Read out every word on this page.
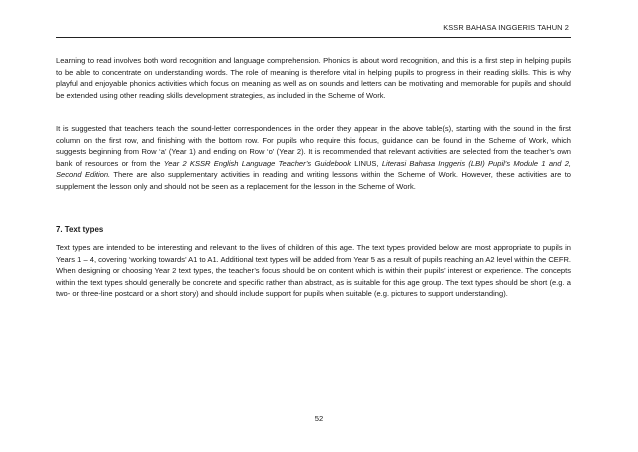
KSSR BAHASA INGGERIS TAHUN 2

Learning to read involves both word recognition and language comprehension. Phonics is about word recognition, and this is a first step in helping pupils to be able to concentrate on understanding words. The role of meaning is therefore vital in helping pupils to progress in their reading skills. This is why playful and enjoyable phonics activities which focus on meaning as well as on sounds and letters can be motivating and memorable for pupils and should be extended using other reading skills development strategies, as included in the Scheme of Work.

It is suggested that teachers teach the sound-letter correspondences in the order they appear in the above table(s), starting with the sound in the first column on the first row, and finishing with the bottom row. For pupils who require this focus, guidance can be found in the Scheme of Work, which suggests beginning from Row ‘a’ (Year 1) and ending on Row ‘o’ (Year 2). It is recommended that relevant activities are selected from the teacher’s own bank of resources or from the Year 2 KSSR English Language Teacher’s Guidebook LINUS, Literasi Bahasa Inggeris (LBI) Pupil’s Module 1 and 2, Second Edition. There are also supplementary activities in reading and writing lessons within the Scheme of Work. However, these activities are to supplement the lesson only and should not be seen as a replacement for the lesson in the Scheme of Work.

7. Text types

Text types are intended to be interesting and relevant to the lives of children of this age. The text types provided below are most appropriate to pupils in Years 1 – 4, covering ‘working towards’ A1 to A1. Additional text types will be added from Year 5 as a result of pupils reaching an A2 level within the CEFR. When designing or choosing Year 2 text types, the teacher’s focus should be on content which is within their pupils’ interest or experience. The concepts within the text types should generally be concrete and specific rather than abstract, as is suitable for this age group. The text types should be short (e.g. a two- or three-line postcard or a short story) and should include support for pupils when suitable (e.g. pictures to support understanding).

52
